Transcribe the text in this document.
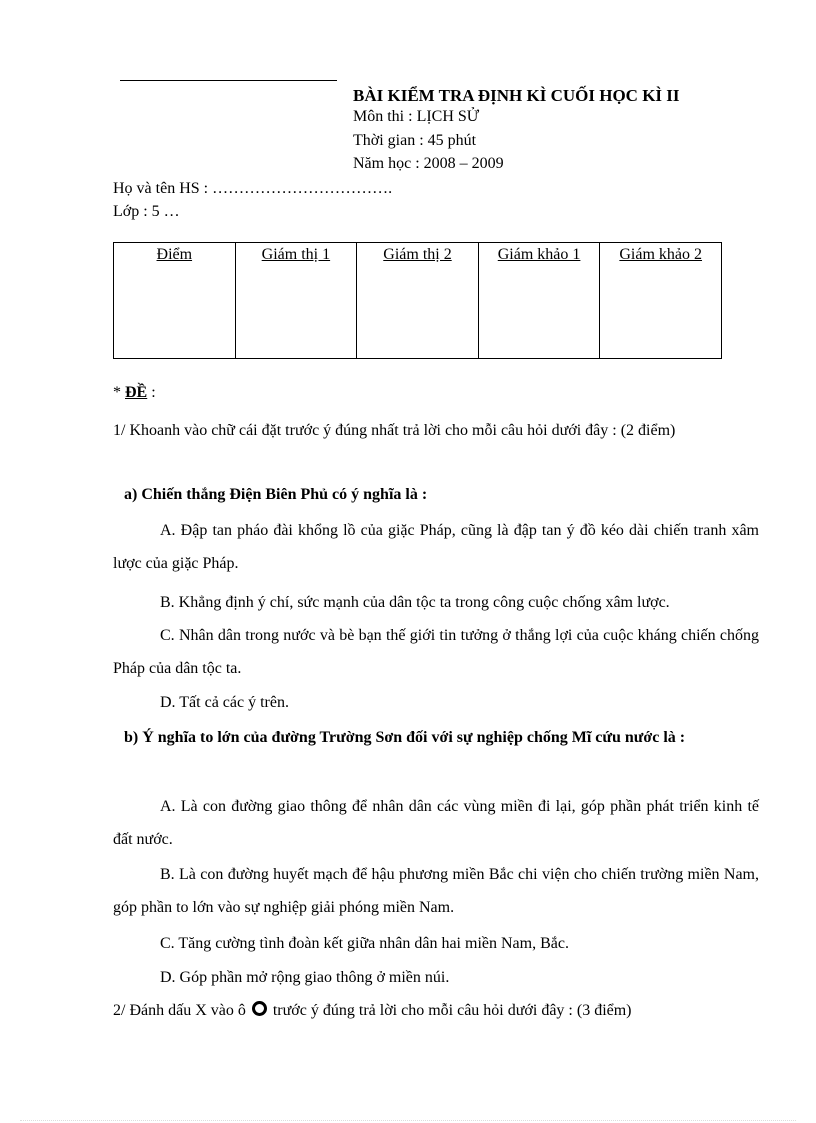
BÀI KIỂM TRA ĐỊNH KÌ CUỐI HỌC KÌ II
Môn thi : LỊCH SỬ
Thời gian : 45 phút
Năm học : 2008 – 2009
Họ và tên HS : …………………………….
Lớp : 5 …
Điểm	Giám thị 1	Giám thị 2	Giám khảo 1	Giám khảo 2
* ĐỀ :
1/ Khoanh vào chữ cái đặt trước ý đúng nhất trả lời cho mỗi câu hỏi dưới đây : (2 điểm)
a) Chiến thắng Điện Biên Phủ có ý nghĩa là :
A. Đập tan pháo đài khổng lồ của giặc Pháp, cũng là đập tan ý đồ kéo dài chiến tranh xâm lược của giặc Pháp.
B. Khẳng định ý chí, sức mạnh của dân tộc ta trong công cuộc chống xâm lược.
C. Nhân dân trong nước và bè bạn thế giới tin tưởng ở thắng lợi của cuộc kháng chiến chống Pháp của dân tộc ta.
D. Tất cả các ý trên.
b) Ý nghĩa to lớn của đường Trường Sơn đối với sự nghiệp chống Mĩ cứu nước là :
A. Là con đường giao thông để nhân dân các vùng miền đi lại, góp phần phát triển kinh tế đất nước.
B. Là con đường huyết mạch để hậu phương miền Bắc chi viện cho chiến trường miền Nam, góp phần to lớn vào sự nghiệp giải phóng miền Nam.
C. Tăng cường tình đoàn kết giữa nhân dân hai miền Nam, Bắc.
D. Góp phần mở rộng giao thông ở miền núi.
2/ Đánh dấu X vào ô  trước ý đúng trả lời cho mỗi câu hỏi dưới đây : (3 điểm)
